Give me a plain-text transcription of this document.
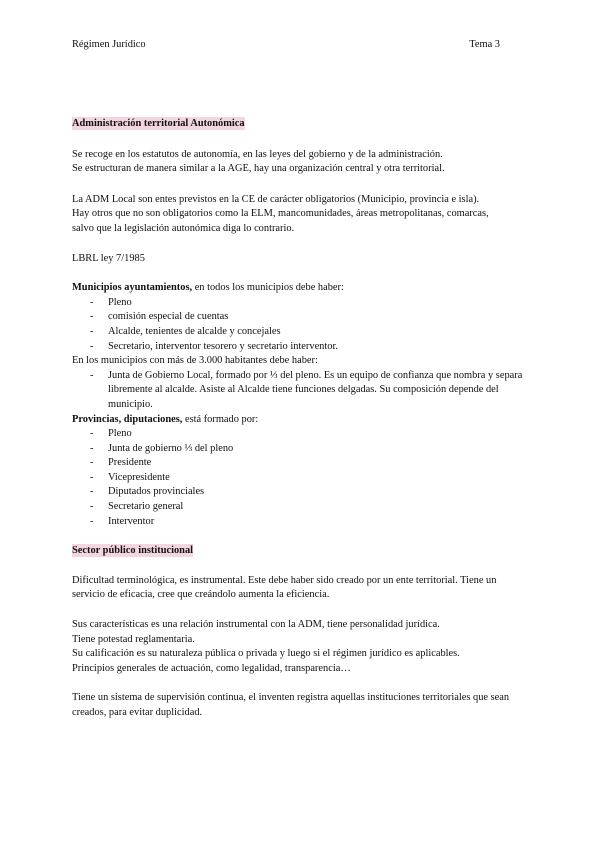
Régimen Jurídico	Tema 3

Administración territorial Autonómica

Se recoge en los estatutos de autonomía, en las leyes del gobierno y de la administración.

Se estructuran de manera similar a la AGE, hay una organización central y otra territorial.

La ADM Local son entes previstos en la CE de carácter obligatorios (Municipio, provincia e isla).

Hay otros que no son obligatorios como la ELM, mancomunidades, áreas metropolitanas, comarcas,

salvo que la legislación autonómica diga lo contrario.

LBRL ley 7/1985

Municipios ayuntamientos, en todos los municipios debe haber:

- Pleno
- comisión especial de cuentas
- Alcalde, tenientes de alcalde y concejales
- Secretario, interventor tesorero y secretario interventor.

En los municipios con más de 3.000 habitantes debe haber:

- Junta de Gobierno Local, formado por ⅓ del pleno. Es un equipo de confianza que nombra y separa libremente al alcalde. Asiste al Alcalde tiene funciones delgadas. Su composición depende del municipio.

Provincias, diputaciones, está formado por:

- Pleno
- Junta de gobierno ⅓ del pleno
- Presidente
- Vicepresidente
- Diputados provinciales
- Secretario general
- Interventor

Sector público institucional

Dificultad terminológica, es instrumental. Este debe haber sido creado por un ente territorial. Tiene un servicio de eficacia, cree que creándolo aumenta la eficiencia.

Sus características es una relación instrumental con la ADM, tiene personalidad jurídica.

Tiene potestad reglamentaria.

Su calificación es su naturaleza pública o privada y luego si el régimen jurídico es aplicables.

Principios generales de actuación, como legalidad, transparencia…

Tiene un sistema de supervisión continua, el inventen registra aquellas instituciones territoriales que sean creados, para evitar duplicidad.
